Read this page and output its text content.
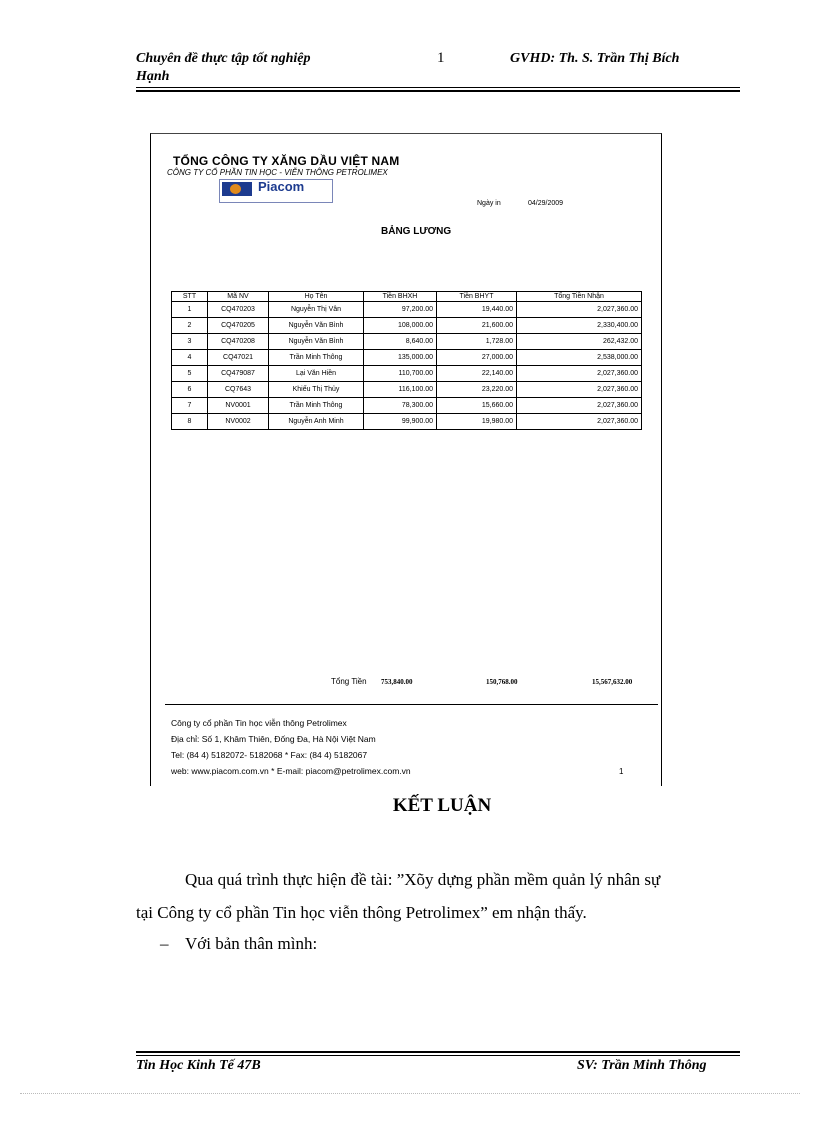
Chuyên đề thực tập tốt nghiệp
Hạnh
1	GVHD: Th. S. Trần Thị Bích
TỔNG CÔNG TY XĂNG DẦU VIỆT NAM
CÔNG TY CỔ PHẦN TIN HỌC - VIỄN THÔNG PETROLIMEX
Piacom
Ngày in	04/29/2009
BẢNG LƯƠNG
STT	Mã NV	Họ Tên	Tiền BHXH	Tiền BHYT	Tổng Tiền Nhận
1	CQ470203	Nguyễn Thị Vân	97,200.00	19,440.00	2,027,360.00
2	CQ470205	Nguyễn Văn Bình	108,000.00	21,600.00	2,330,400.00
3	CQ470208	Nguyễn Văn Bình	8,640.00	1,728.00	262,432.00
4	CQ47021	Trần Minh Thông	135,000.00	27,000.00	2,538,000.00
5	CQ479087	Lại Văn Hiền	110,700.00	22,140.00	2,027,360.00
6	CQ7643	Khiếu Thị Thủy	116,100.00	23,220.00	2,027,360.00
7	NV0001	Trần Minh Thông	78,300.00	15,660.00	2,027,360.00
8	NV0002	Nguyễn Anh Minh	99,900.00	19,980.00	2,027,360.00
Tổng Tiền 753,840.00	150,768.00	15,567,632.00
Công ty cổ phần Tin học viễn thông Petrolimex
Địa chỉ: Số 1, Khâm Thiên, Đống Đa, Hà Nội Việt Nam
Tel: (84 4) 5182072- 5182068 * Fax: (84 4) 5182067
web: www.piacom.com.vn * E-mail: piacom@petrolimex.com.vn	1
KẾT LUẬN
Qua quá trình thực hiện đề tài: ”Xõy dựng phần mềm quản lý nhân sự
tại Công ty cổ phần Tin học viễn thông Petrolimex” em nhận thấy.
– Với bản thân mình:
Tin Học Kinh Tế 47B	SV: Trần Minh Thông
